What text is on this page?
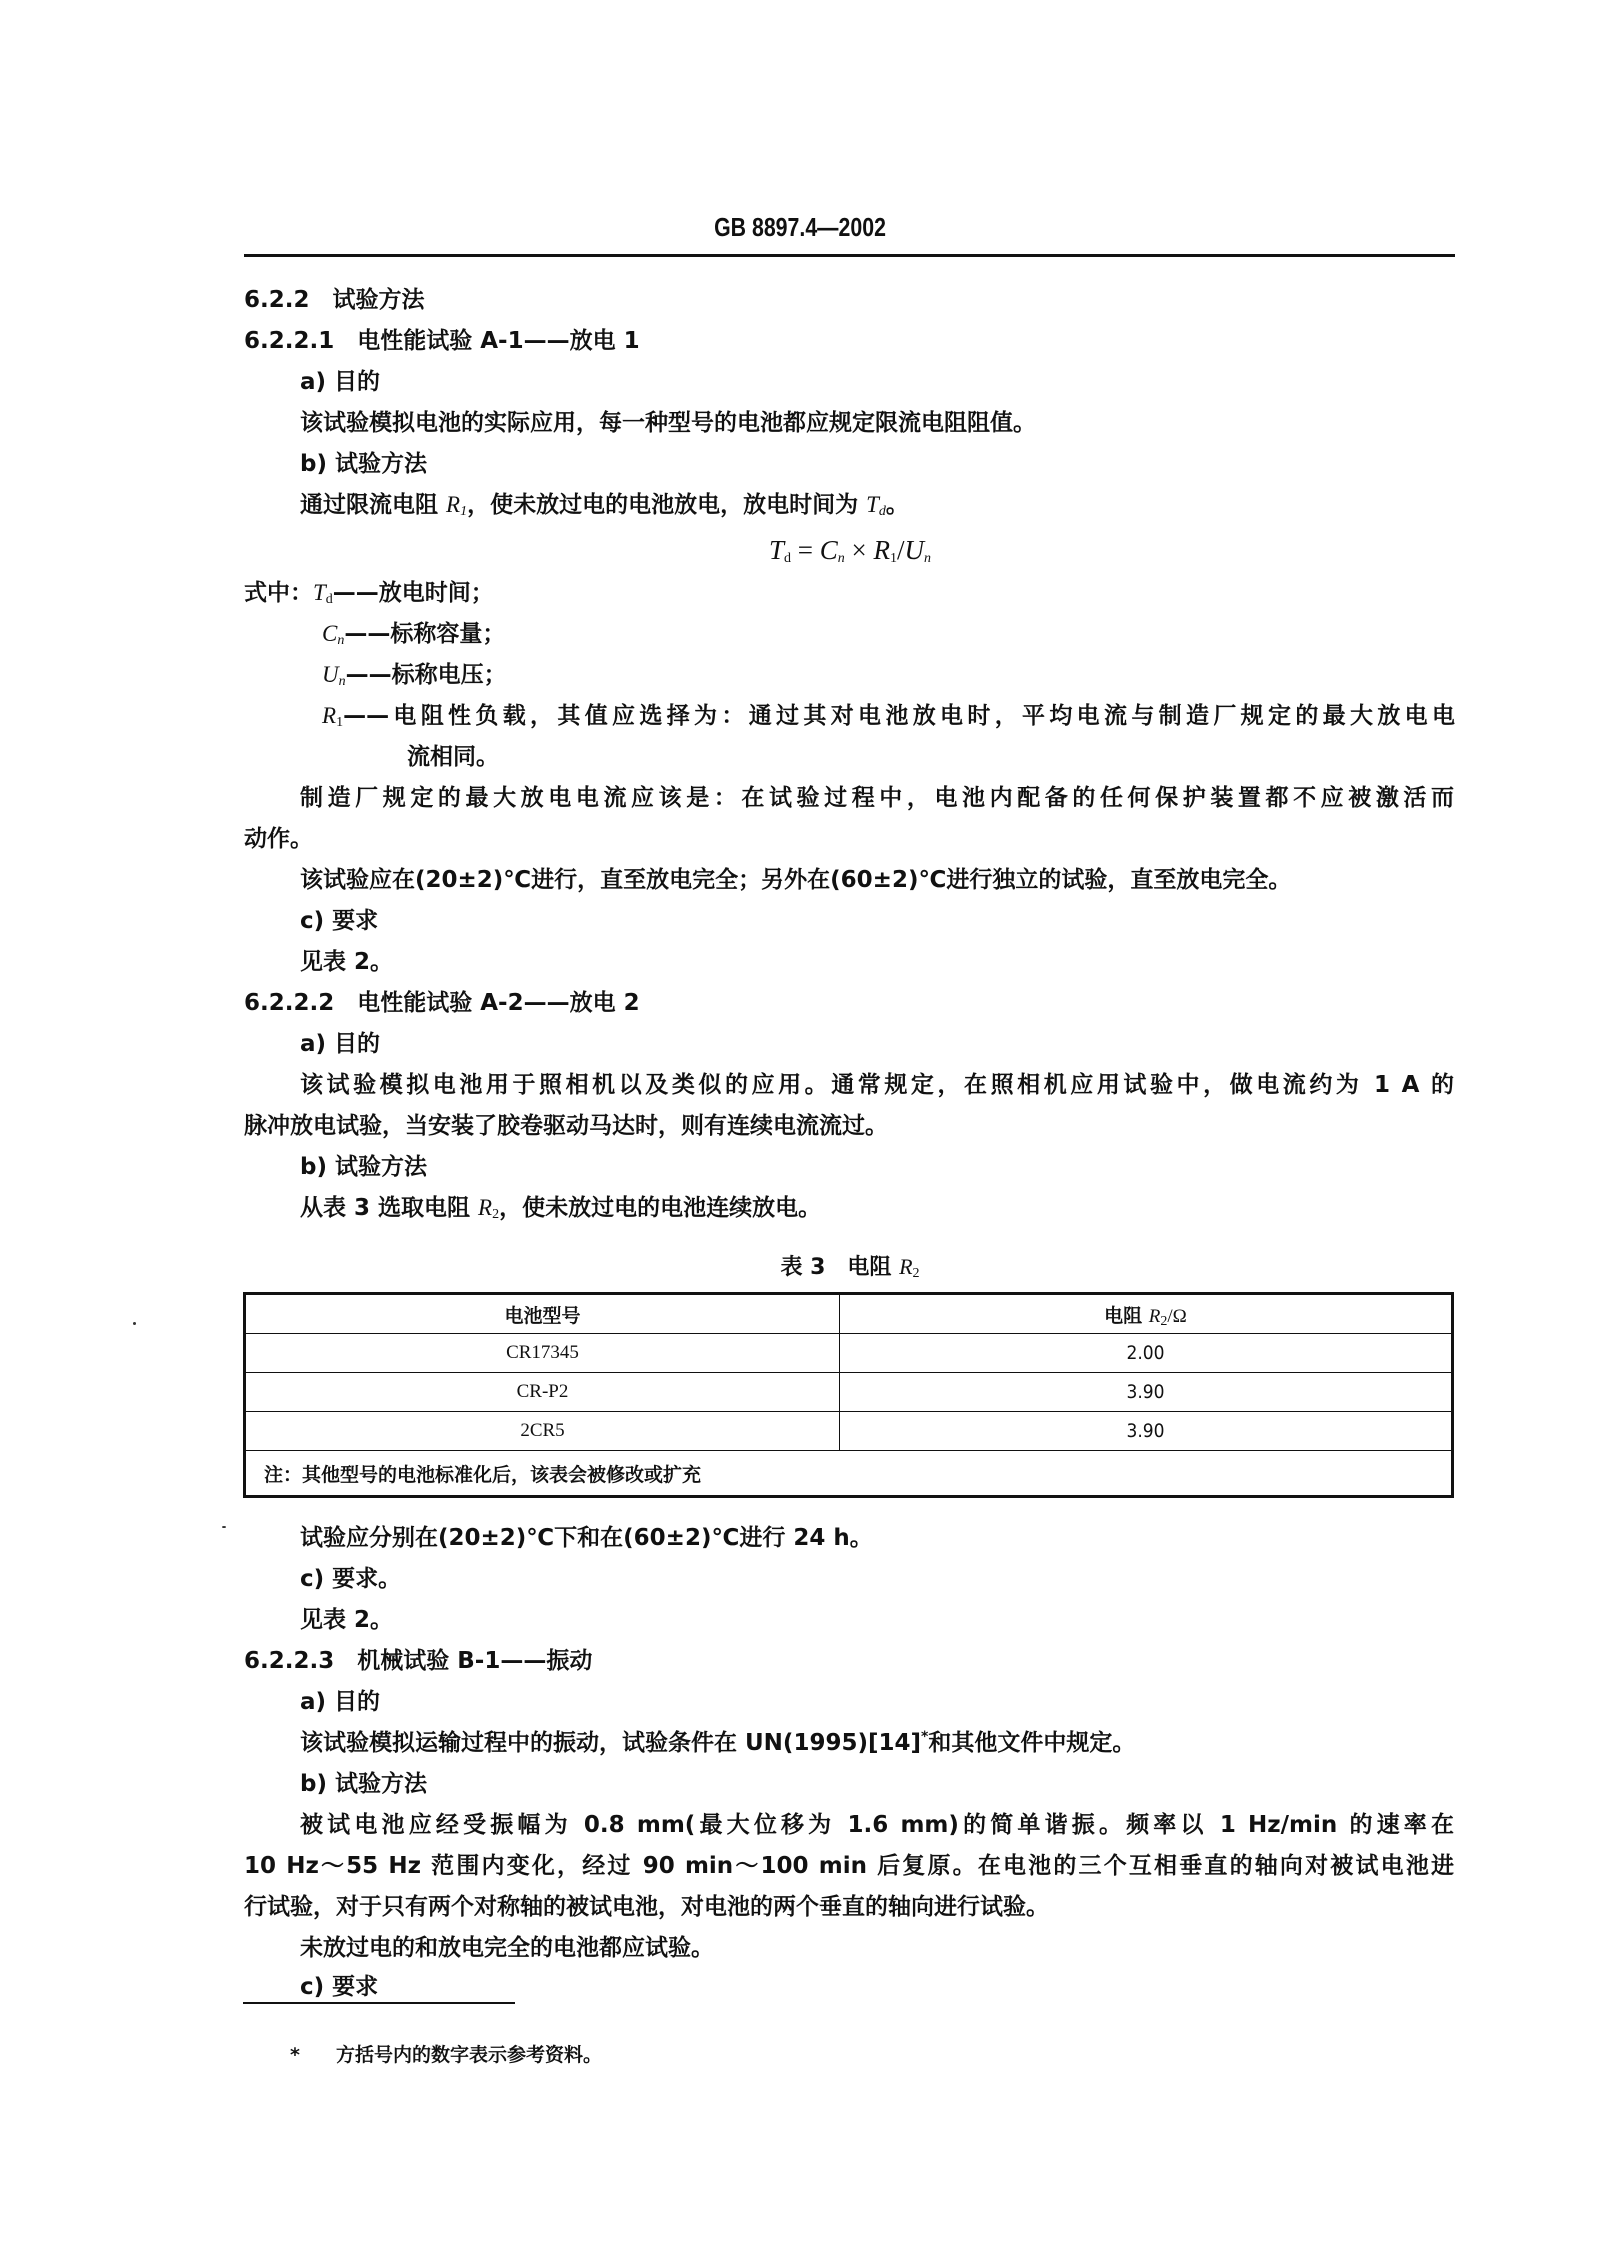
GB 8897.4—2002
6.2.2　试验方法
6.2.2.1　 电性能试验 A-1——放电 1
a) 目的
该试验模拟电池的实际应用，每一种型号的电池都应规定限流电阻阻值。
b) 试验方法
通过限流电阻 $R_1$，使未放过电的电池放电，放电时间为 $T_d$。
$T_d = C_n \times R_1/U_n$
式中：$T_d——$放电时间；
$C_n——$标称容量；
$U_n——$标称电压；
$R_1——$电阻性负载，其值应选择为：通过其对电池放电时，平均电流与制造厂规定的最大放电电
流相同。
制造厂规定的最大放电电流应该是：在试验过程中，电池内配备的任何保护装置都不应被激活而
动作。
该试验应在(20±2)℃进行，直至放电完全；另外在(60±2)℃进行独立的试验，直至放电完全。
c) 要求
见表 2。
6.2.2.2　 电性能试验 A-2——放电 2
a) 目的
该试验模拟电池用于照相机以及类似的应用。通常规定，在照相机应用试验中，做电流约为 1 A 的
脉冲放电试验，当安装了胶卷驱动马达时，则有连续电流流过。
b) 试验方法
从表 3 选取电阻 $R_2$，使未放过电的电池连续放电。
表 3　电阻 $R_2$
电池型号	电阻 $R_2/\Omega$
CR17345	2.00
CR-P2	3.90
2CR5	3.90
注：其他型号的电池标准化后，该表会被修改或扩充	
试验应分别在(20±2)℃下和在(60±2)℃进行 24 h。
c) 要求。
见表 2。
6.2.2.3　 机械试验 B-1——振动
a) 目的
该试验模拟运输过程中的振动，试验条件在 UN(1995)[14]*和其他文件中规定。
b) 试验方法
被试电池应经受振幅为 0.8 mm(最大位移为 1.6 mm)的简单谐振。频率以 1 Hz/min 的速率在
10 Hz～55 Hz 范围内变化，经过 90 min～100 min 后复原。在电池的三个互相垂直的轴向对被试电池进
行试验，对于只有两个对称轴的被试电池，对电池的两个垂直的轴向进行试验。
未放过电的和放电完全的电池都应试验。
c) 要求
* 方括号内的数字表示参考资料。
